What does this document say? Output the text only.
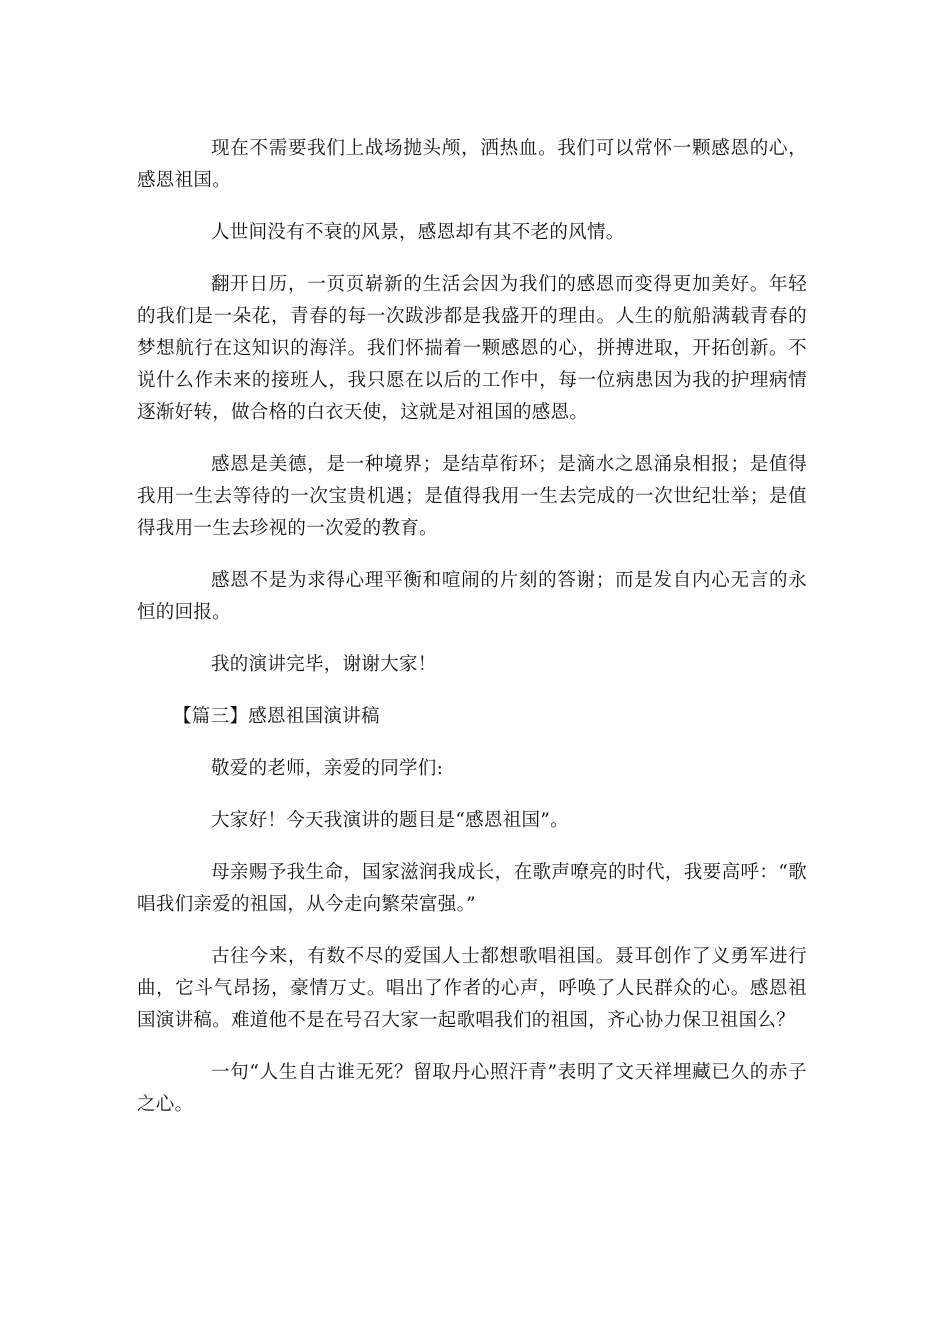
现在不需要我们上战场抛头颅，洒热血。我们可以常怀一颗感恩的心，感恩祖国。

人世间没有不衰的风景，感恩却有其不老的风情。

翻开日历，一页页崭新的生活会因为我们的感恩而变得更加美好。年轻的我们是一朵花，青春的每一次跋涉都是我盛开的理由。人生的航船满载青春的梦想航行在这知识的海洋。我们怀揣着一颗感恩的心，拼搏进取，开拓创新。不说什么作未来的接班人，我只愿在以后的工作中，每一位病患因为我的护理病情逐渐好转，做合格的白衣天使，这就是对祖国的感恩。

感恩是美德，是一种境界；是结草衔环；是滴水之恩涌泉相报；是值得我用一生去等待的一次宝贵机遇；是值得我用一生去完成的一次世纪壮举；是值得我用一生去珍视的一次爱的教育。

感恩不是为求得心理平衡和喧闹的片刻的答谢；而是发自内心无言的永恒的回报。

我的演讲完毕，谢谢大家！

【篇三】感恩祖国演讲稿

敬爱的老师，亲爱的同学们:

大家好！今天我演讲的题目是“感恩祖国”。

母亲赐予我生命，国家滋润我成长，在歌声嘹亮的时代，我要高呼：“歌唱我们亲爱的祖国，从今走向繁荣富强。”

古往今来，有数不尽的爱国人士都想歌唱祖国。聂耳创作了义勇军进行曲，它斗气昂扬，豪情万丈。唱出了作者的心声，呼唤了人民群众的心。感恩祖国演讲稿。难道他不是在号召大家一起歌唱我们的祖国，齐心协力保卫祖国么？

一句“人生自古谁无死？留取丹心照汗青”表明了文天祥埋藏已久的赤子之心。
